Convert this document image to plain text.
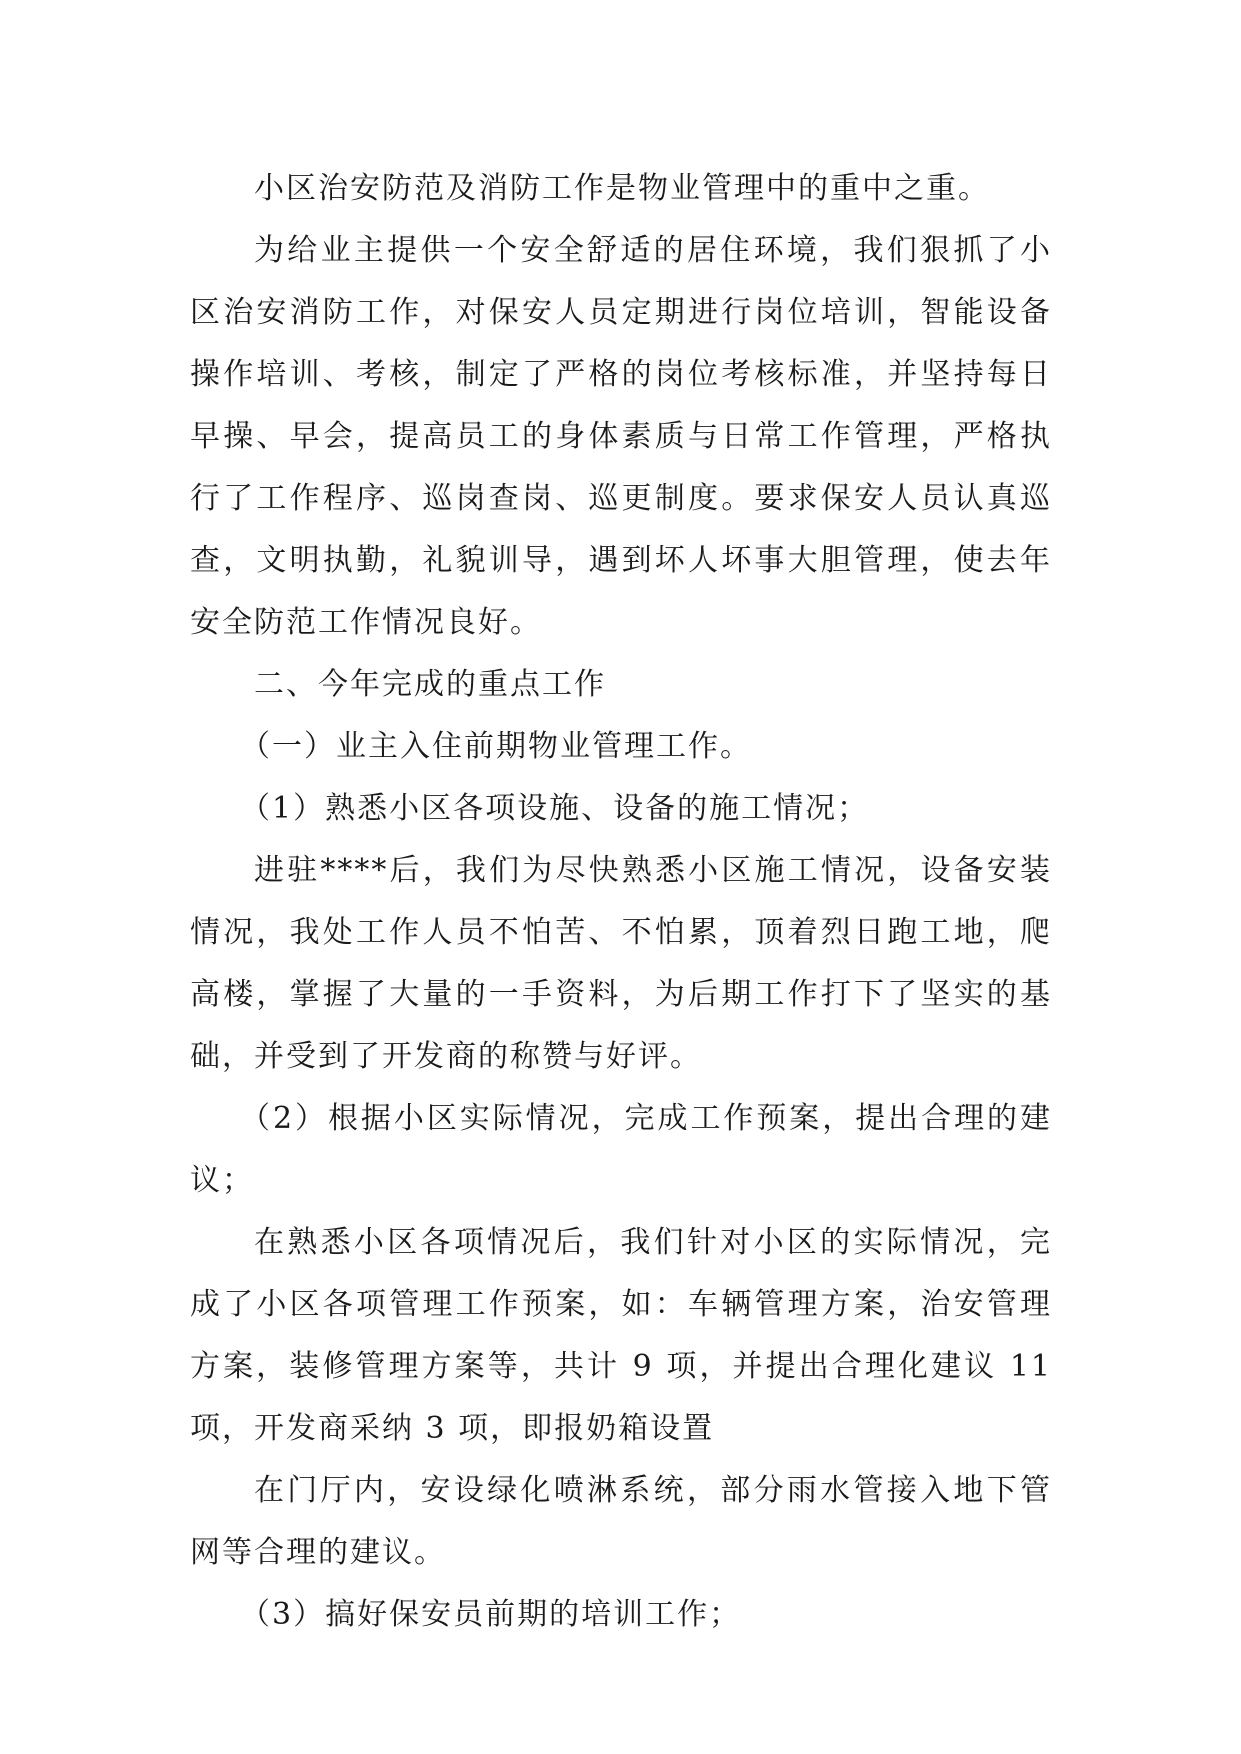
小区治安防范及消防工作是物业管理中的重中之重。

为给业主提供一个安全舒适的居住环境，我们狠抓了小区治安消防工作，对保安人员定期进行岗位培训，智能设备操作培训、考核，制定了严格的岗位考核标准，并坚持每日早操、早会，提高员工的身体素质与日常工作管理，严格执行了工作程序、巡岗查岗、巡更制度。要求保安人员认真巡查，文明执勤，礼貌训导，遇到坏人坏事大胆管理，使去年安全防范工作情况良好。

二、今年完成的重点工作

（一）业主入住前期物业管理工作。

（1）熟悉小区各项设施、设备的施工情况；

进驻****后，我们为尽快熟悉小区施工情况，设备安装情况，我处工作人员不怕苦、不怕累，顶着烈日跑工地，爬高楼，掌握了大量的一手资料，为后期工作打下了坚实的基础，并受到了开发商的称赞与好评。

（2）根据小区实际情况，完成工作预案，提出合理的建议；

在熟悉小区各项情况后，我们针对小区的实际情况，完成了小区各项管理工作预案，如：车辆管理方案，治安管理方案，装修管理方案等，共计 9 项，并提出合理化建议 11 项，开发商采纳 3 项，即报奶箱设置

在门厅内，安设绿化喷淋系统，部分雨水管接入地下管网等合理的建议。

（3）搞好保安员前期的培训工作；
